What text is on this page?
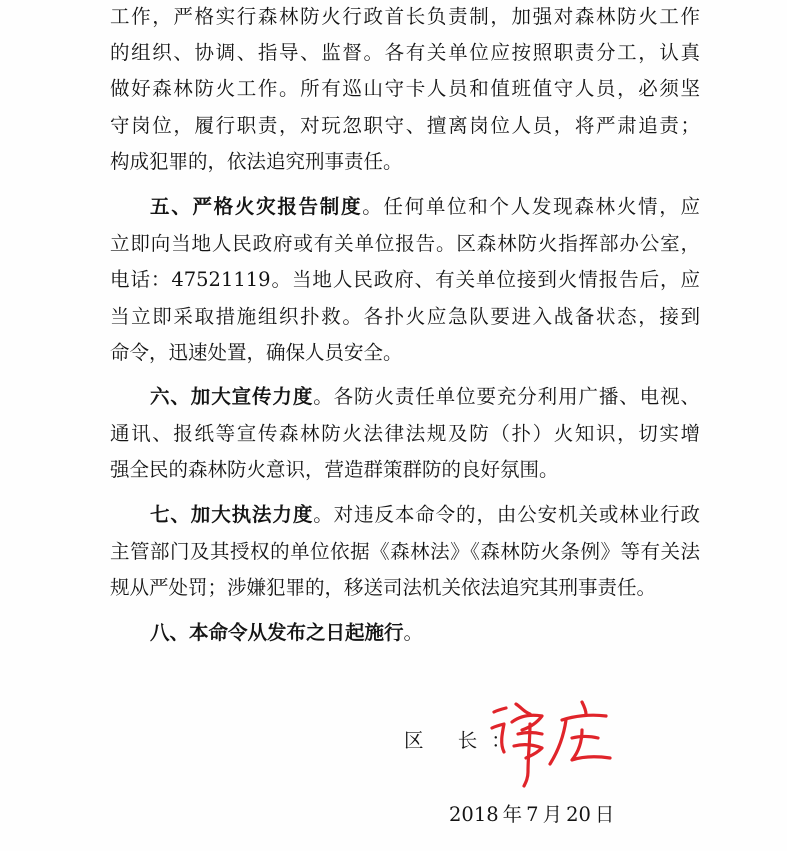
工作，严格实行森林防火行政首长负责制，加强对森林防火工作
的组织、协调、指导、监督。各有关单位应按照职责分工，认真
做好森林防火工作。所有巡山守卡人员和值班值守人员，必须坚
守岗位，履行职责，对玩忽职守、擅离岗位人员，将严肃追责；
构成犯罪的，依法追究刑事责任。
五、严格火灾报告制度。任何单位和个人发现森林火情，应
立即向当地人民政府或有关单位报告。区森林防火指挥部办公室，
电话：47521119。当地人民政府、有关单位接到火情报告后，应
当立即采取措施组织扑救。各扑火应急队要进入战备状态，接到
命令，迅速处置，确保人员安全。
六、加大宣传力度。各防火责任单位要充分利用广播、电视、
通讯、报纸等宣传森林防火法律法规及防（扑）火知识，切实增
强全民的森林防火意识，营造群策群防的良好氛围。
七、加大执法力度。对违反本命令的，由公安机关或林业行政
主管部门及其授权的单位依据《森林法》《森林防火条例》等有关法
规从严处罚；涉嫌犯罪的，移送司法机关依法追究其刑事责任。
八、本命令从发布之日起施行。
区 长：
2018 年 7 月 20 日
